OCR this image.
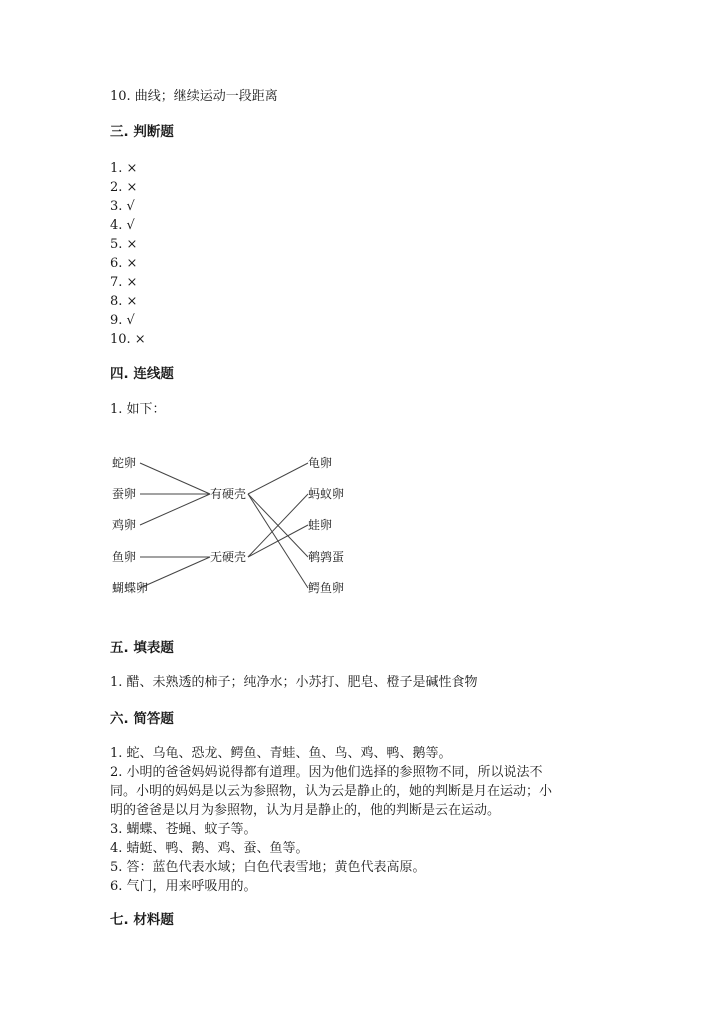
10. 曲线；继续运动一段距离
三. 判断题
1. ×
2. ×
3. √
4. √
5. ×
6. ×
7. ×
8. ×
9. √
10. ×
四. 连线题
1. 如下：
蛇卵
蚕卵
鸡卵
鱼卵
蝴蝶卵
有硬壳
无硬壳
龟卵
蚂蚁卵
蛙卵
鹌鹑蛋
鳄鱼卵
五. 填表题
1. 醋、未熟透的柿子；纯净水；小苏打、肥皂、橙子是碱性食物
六. 简答题
1. 蛇、乌龟、恐龙、鳄鱼、青蛙、鱼、鸟、鸡、鸭、鹅等。
2. 小明的爸爸妈妈说得都有道理。因为他们选择的参照物不同，所以说法不
同。小明的妈妈是以云为参照物，认为云是静止的，她的判断是月在运动；小
明的爸爸是以月为参照物，认为月是静止的，他的判断是云在运动。
3. 蝴蝶、苍蝇、蚊子等。
4. 蜻蜓、鸭、鹅、鸡、蚕、鱼等。
5. 答：蓝色代表水域；白色代表雪地；黄色代表高原。
6. 气门，用来呼吸用的。
七. 材料题
